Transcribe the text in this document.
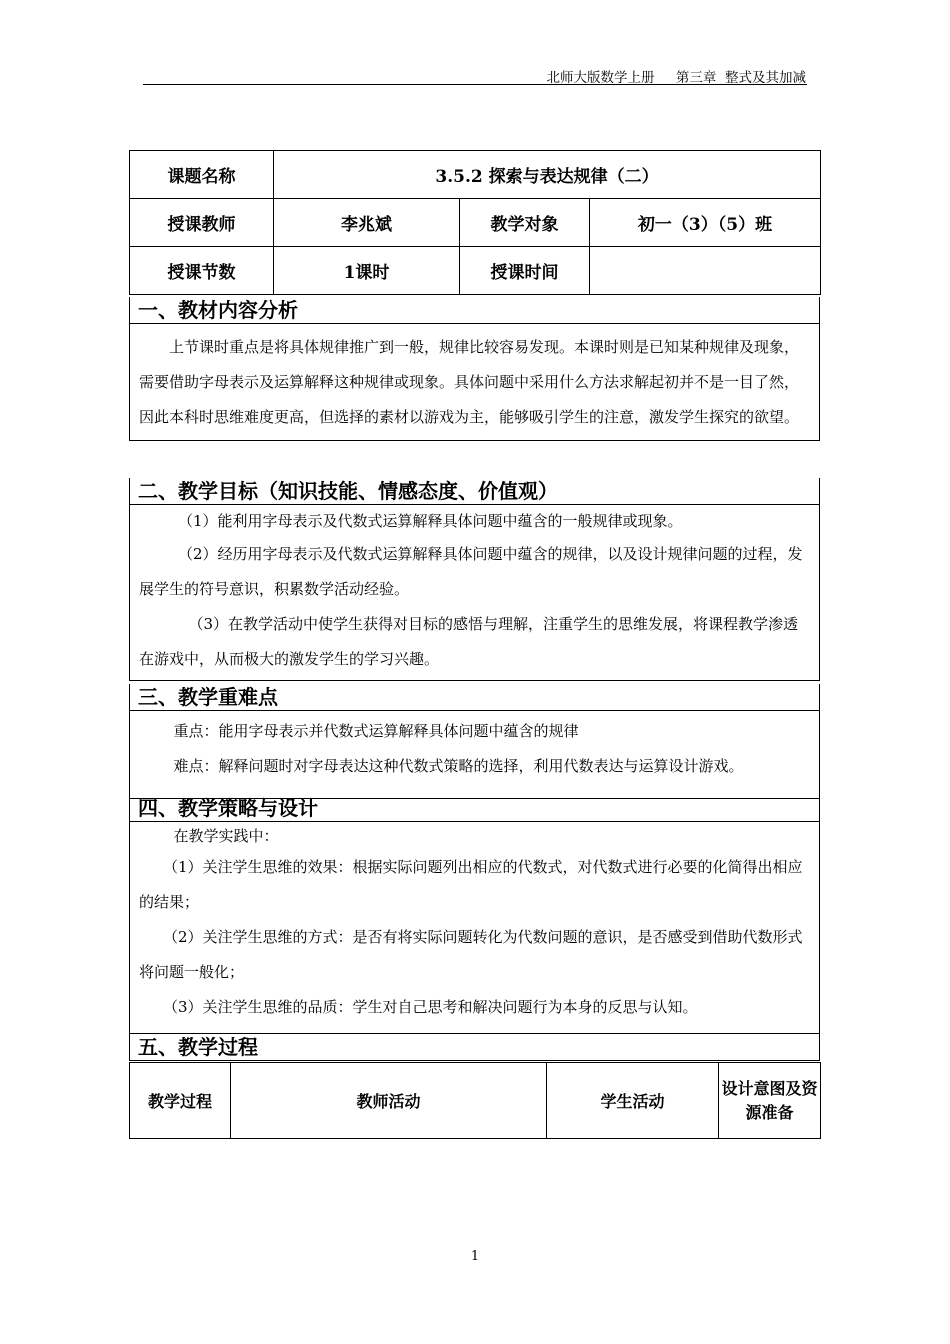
北师大版数学上册     第三章  整式及其加减
课题名称	3.5.2 探索与表达规律（二）		
授课教师	李兆斌	教学对象	初一（3）（5）班
授课节数	1课时	授课时间	
一、教材内容分析

上节课时重点是将具体规律推广到一般，规律比较容易发现。本课时则是已知某种规律及现象，需要借助字母表示及运算解释这种规律或现象。具体问题中采用什么方法求解起初并不是一目了然，因此本科时思维难度更高，但选择的素材以游戏为主，能够吸引学生的注意，激发学生探究的欲望。

二、教学目标（知识技能、情感态度、价值观）

（1）能利用字母表示及代数式运算解释具体问题中蕴含的一般规律或现象。

（2）经历用字母表示及代数式运算解释具体问题中蕴含的规律，以及设计规律问题的过程，发展学生的符号意识，积累数学活动经验。

（3）在教学活动中使学生获得对目标的感悟与理解，注重学生的思维发展，将课程教学渗透在游戏中，从而极大的激发学生的学习兴趣。

三、教学重难点

重点：能用字母表示并代数式运算解释具体问题中蕴含的规律

难点：解释问题时对字母表达这种代数式策略的选择，利用代数表达与运算设计游戏。

四、教学策略与设计

在教学实践中：

（1）关注学生思维的效果：根据实际问题列出相应的代数式，对代数式进行必要的化简得出相应的结果；

（2）关注学生思维的方式：是否有将实际问题转化为代数问题的意识，是否感受到借助代数形式将问题一般化；

（3）关注学生思维的品质：学生对自己思考和解决问题行为本身的反思与认知。

五、教学过程
教学过程	教师活动	学生活动	设计意图及资源准备
1
